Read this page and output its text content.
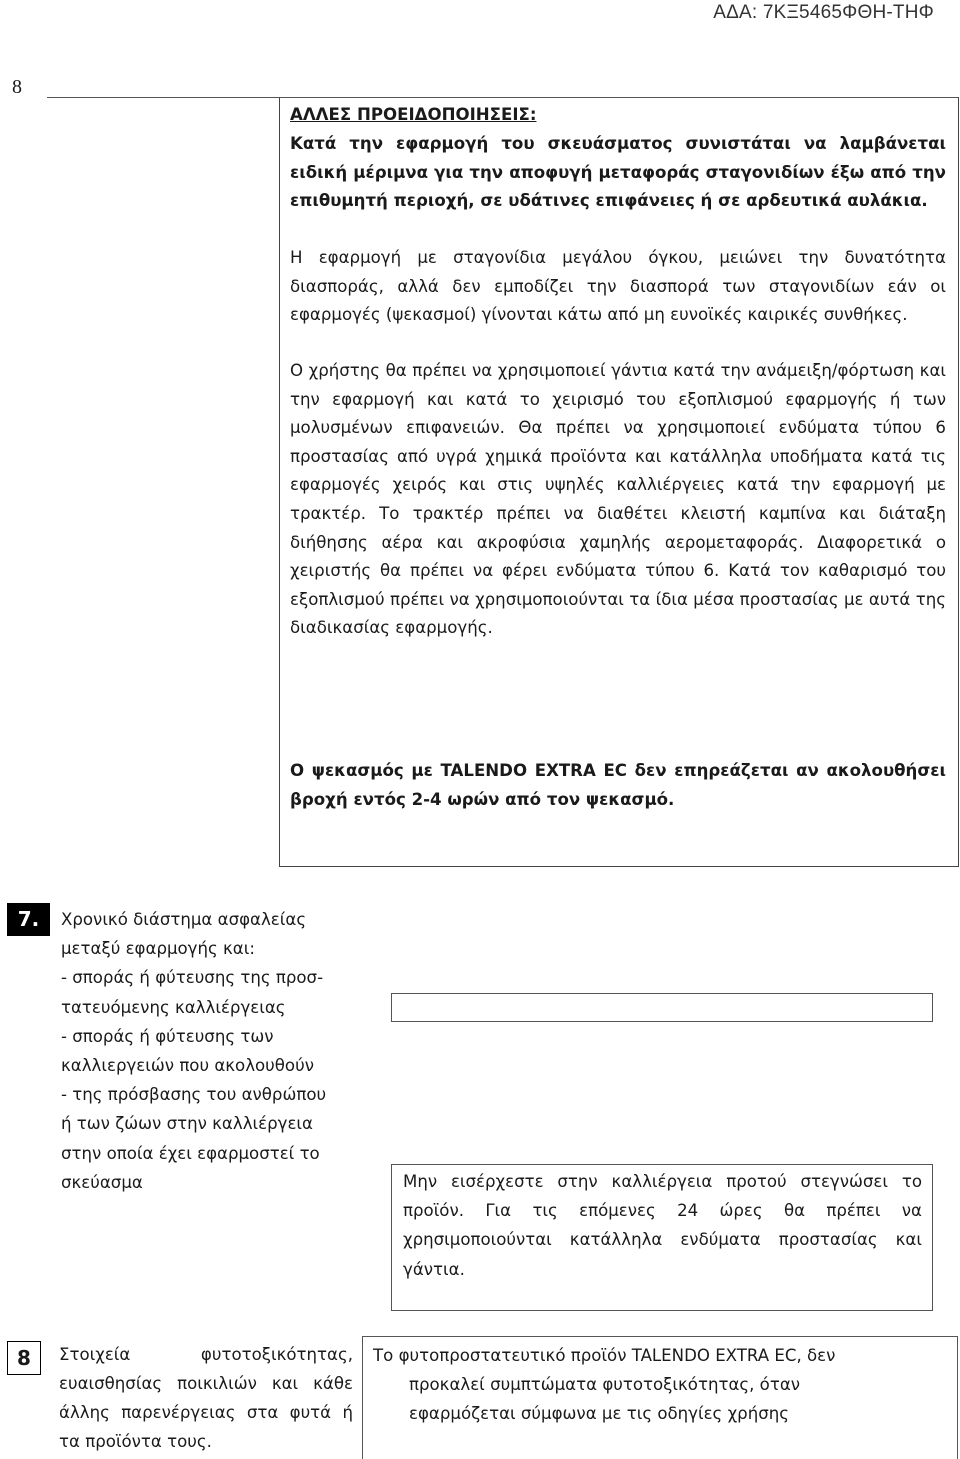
ΑΔΑ: 7ΚΞ5465ΦΘΗ-ΤΗΦ
8
ΑΛΛΕΣ ΠΡΟΕΙΔΟΠΟΙΗΣΕΙΣ:
Κατά την εφαρμογή του σκευάσματος συνιστάται να λαμβάνεται ειδική μέριμνα για την αποφυγή μεταφοράς σταγονιδίων έξω από την επιθυμητή περιοχή, σε υδάτινες επιφάνειες ή σε αρδευτικά αυλάκια.
Η εφαρμογή με σταγονίδια μεγάλου όγκου, μειώνει την δυνατότητα διασποράς, αλλά δεν εμποδίζει την διασπορά των σταγονιδίων εάν οι εφαρμογές (ψεκασμοί) γίνονται κάτω από μη ευνοϊκές καιρικές συνθήκες.
Ο χρήστης θα πρέπει να χρησιμοποιεί γάντια κατά την ανάμειξη/φόρτωση και την εφαρμογή και κατά το χειρισμό του εξοπλισμού εφαρμογής ή των μολυσμένων επιφανειών. Θα πρέπει να χρησιμοποιεί ενδύματα τύπου 6 προστασίας από υγρά χημικά προϊόντα και κατάλληλα υποδήματα κατά τις εφαρμογές χειρός και στις υψηλές καλλιέργειες κατά την εφαρμογή με τρακτέρ. Το τρακτέρ πρέπει να διαθέτει κλειστή καμπίνα και διάταξη διήθησης αέρα και ακροφύσια χαμηλής αερομεταφοράς. Διαφορετικά ο χειριστής θα πρέπει να φέρει ενδύματα τύπου 6. Κατά τον καθαρισμό του εξοπλισμού πρέπει να χρησιμοποιούνται τα ίδια μέσα προστασίας με αυτά της διαδικασίας εφαρμογής.
Ο ψεκασμός με TALENDO EXTRA EC δεν επηρεάζεται αν ακολουθήσει βροχή εντός 2-4 ωρών από τον ψεκασμό.
7.	Χρονικό διάστημα ασφαλείας
μεταξύ εφαρμογής και:
- σποράς ή φύτευσης της προσ-
τατευόμενης καλλιέργειας
- σποράς ή φύτευσης των
καλλιεργειών που ακολουθούν
- της πρόσβασης του ανθρώπου
ή των ζώων στην καλλιέργεια
στην οποία έχει εφαρμοστεί το
σκεύασμα	Μην εισέρχεστε στην καλλιέργεια προτού στεγνώσει το προϊόν. Για τις επόμενες 24 ώρες θα πρέπει να χρησιμοποιούνται κατάλληλα ενδύματα προστασίας και γάντια.
8	Στοιχεία φυτοτοξικότητας, ευαισθησίας ποικιλιών και κάθε άλλης παρενέργειας στα φυτά ή τα προϊόντα τους.
Το φυτοπροστατευτικό προϊόν TALENDO EXTRA EC, δεν
προκαλεί συμπτώματα φυτοτοξικότητας, όταν
εφαρμόζεται σύμφωνα με τις οδηγίες χρήσης
